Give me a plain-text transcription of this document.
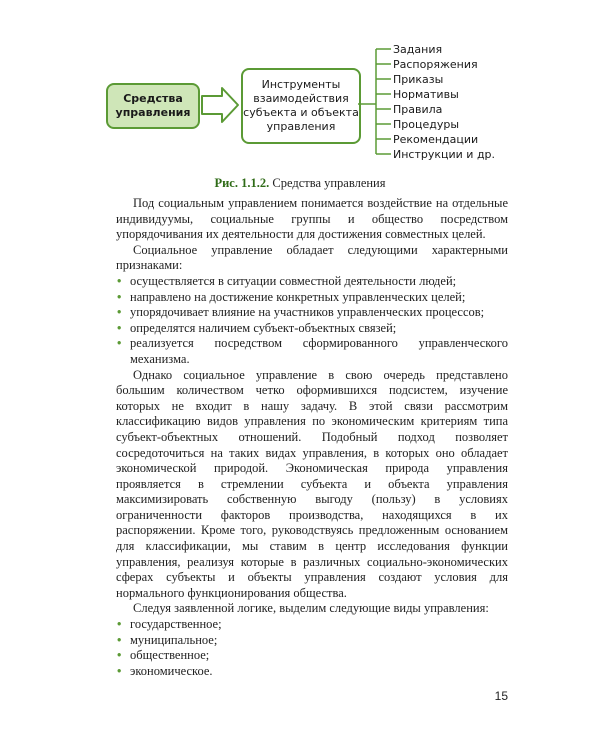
Средства
управления
Инструменты
взаимодействия
субъекта и объекта
управления
Задания
Распоряжения
Приказы
Нормативы
Правила
Процедуры
Рекомендации
Инструкции и др.
Рис. 1.1.2. Средства управления

Под социальным управлением понимается воздействие на отдельные индивидуумы, социальные группы и общество посредством упорядочивания их деятельности для достижения совместных целей.

Социальное управление обладает следующими характерными признаками:

• осуществляется в ситуации совместной деятельности людей;
• направлено на достижение конкретных управленческих целей;
• упорядочивает влияние на участников управленческих процессов;
• определятся наличием субъект-объектных связей;
• реализуется посредством сформированного управленческого механизма.

Однако социальное управление в свою очередь представлено большим количеством четко оформившихся подсистем, изучение которых не входит в нашу задачу. В этой связи рассмотрим классификацию видов управления по экономическим критериям типа субъект-объектных отношений. Подобный подход позволяет сосредоточиться на таких видах управления, в которых оно обладает экономической природой. Экономическая природа управления проявляется в стремлении субъекта и объекта управления максимизировать собственную выгоду (пользу) в условиях ограниченности факторов производства, находящихся в их распоряжении. Кроме того, руководствуясь предложенным основанием для классификации, мы ставим в центр исследования функции управления, реализуя которые в различных социально-экономических сферах субъекты и объекты управления создают условия для нормального функционирования общества.

Следуя заявленной логике, выделим следующие виды управления:

• государственное;
• муниципальное;
• общественное;
• экономическое.
15
